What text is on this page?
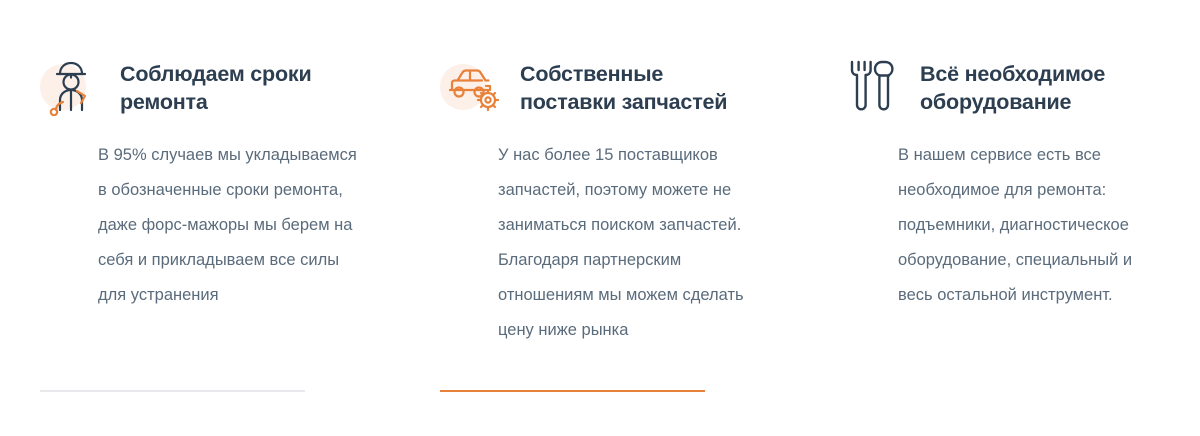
Соблюдаем сроки ремонта

В 95% случаев мы укладываемся в обозначенные сроки ремонта, даже форс-мажоры мы берем на себя и прикладываем все силы для устранения

Собственные поставки запчастей

У нас более 15 поставщиков запчастей, поэтому можете не заниматься поиском запчастей. Благодаря партнерским отношениям мы можем сделать цену ниже рынка

Всё необходимое оборудование

В нашем сервисе есть все необходимое для ремонта: подъемники, диагностическое оборудование, специальный и весь остальной инструмент.
